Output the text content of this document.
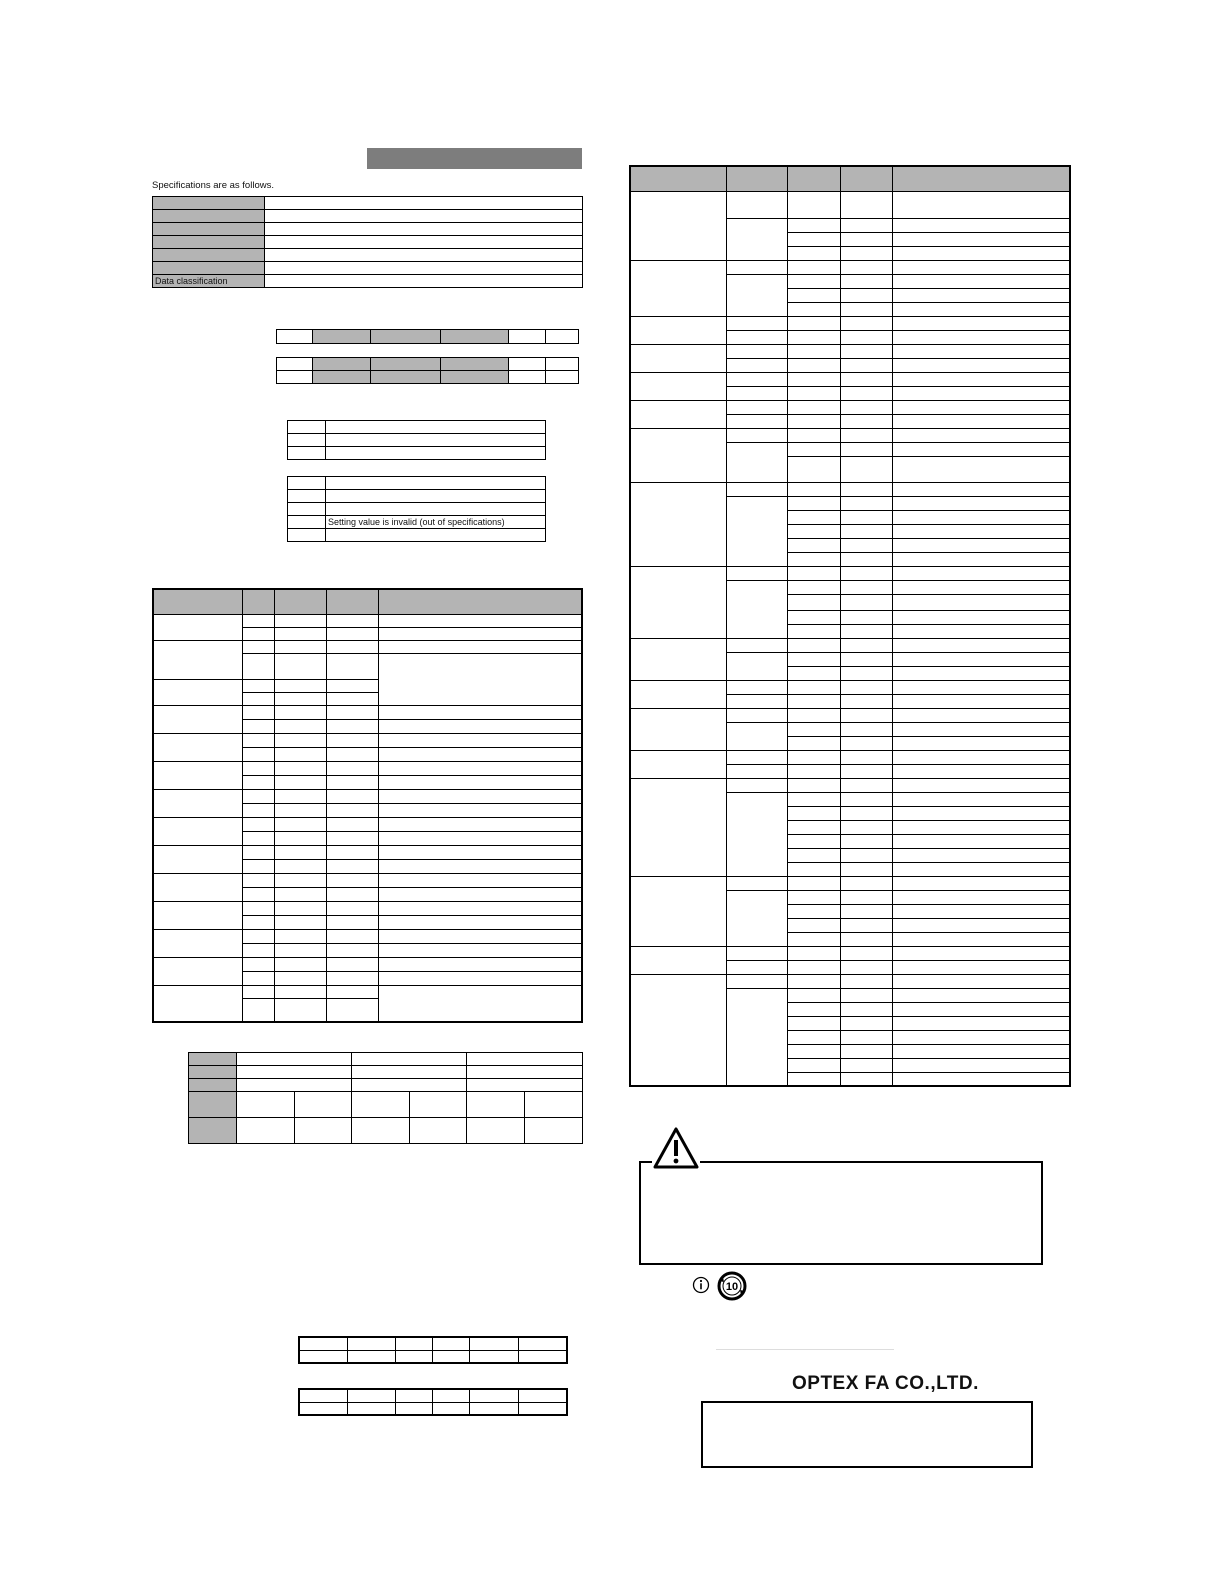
Specifications are as follows.

Data classification	

	Setting value is invalid (out of specifications)

10
OPTEX FA CO.,LTD.
